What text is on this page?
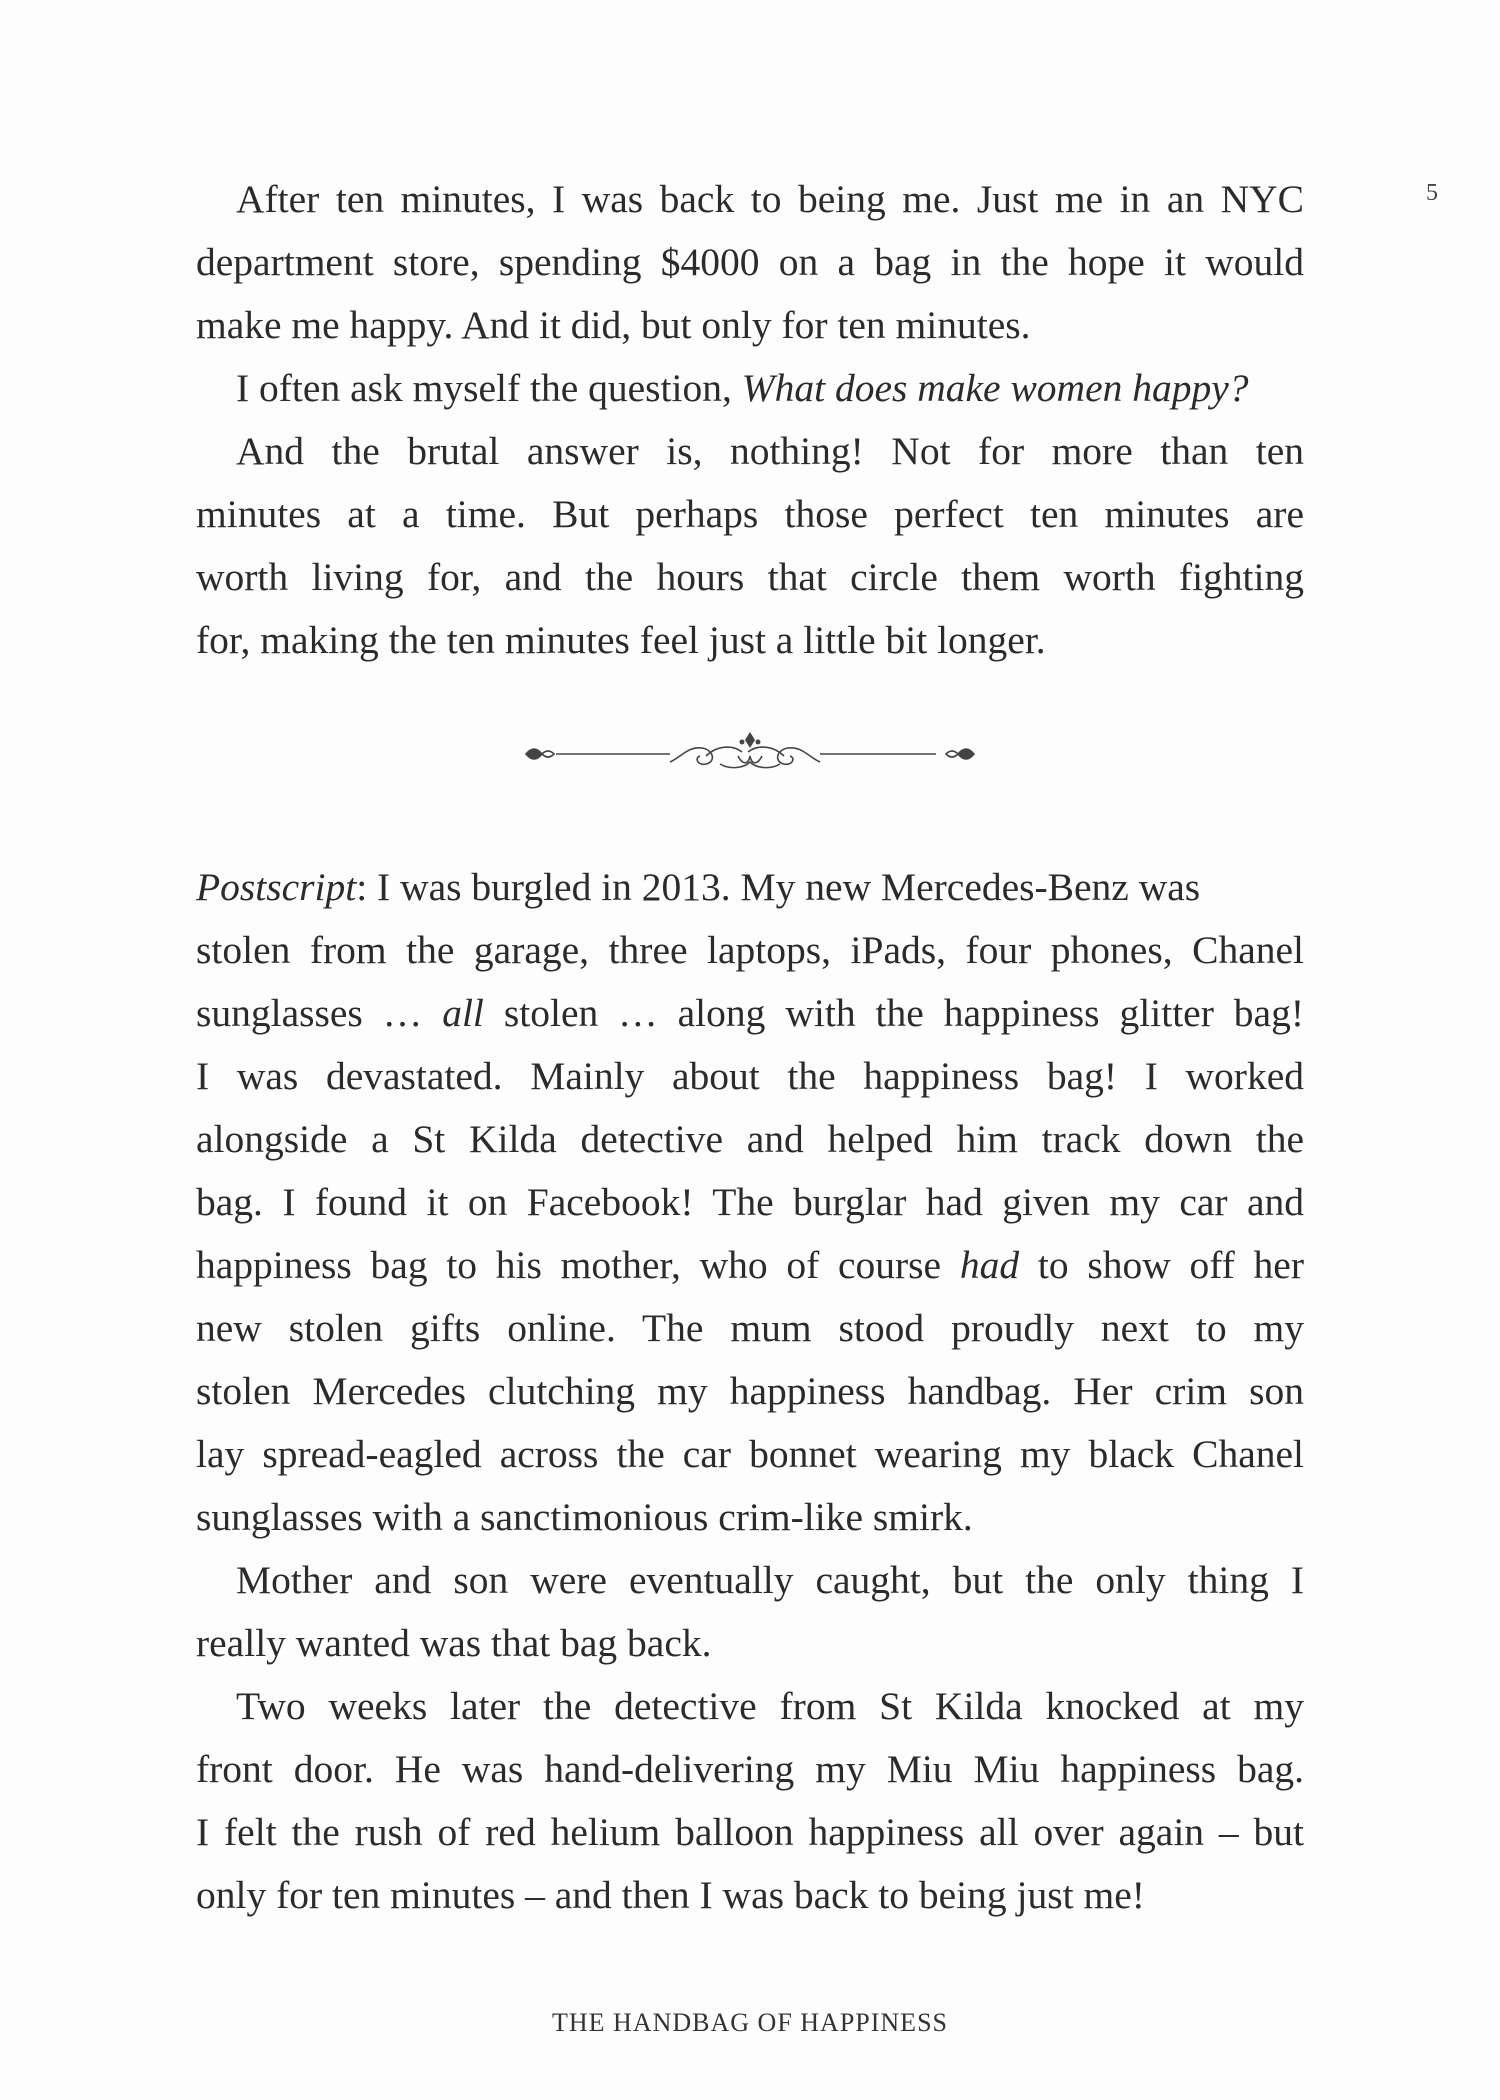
5
After ten minutes, I was back to being me. Just me in an NYC
department store, spending $4000 on a bag in the hope it would
make me happy. And it did, but only for ten minutes.
I often ask myself the question, What does make women happy?
And the brutal answer is, nothing! Not for more than ten
minutes at a time. But perhaps those perfect ten minutes are
worth living for, and the hours that circle them worth fighting
for, making the ten minutes feel just a little bit longer.
Postscript: I was burgled in 2013. My new Mercedes-Benz was
stolen from the garage, three laptops, iPads, four phones, Chanel
sunglasses … all stolen … along with the happiness glitter bag!
I was devastated. Mainly about the happiness bag! I worked
alongside a St Kilda detective and helped him track down the
bag. I found it on Facebook! The burglar had given my car and
happiness bag to his mother, who of course had to show off her
new stolen gifts online. The mum stood proudly next to my
stolen Mercedes clutching my happiness handbag. Her crim son
lay spread-eagled across the car bonnet wearing my black Chanel
sunglasses with a sanctimonious crim-like smirk.
Mother and son were eventually caught, but the only thing I
really wanted was that bag back.
Two weeks later the detective from St Kilda knocked at my
front door. He was hand-delivering my Miu Miu happiness bag.
I felt the rush of red helium balloon happiness all over again – but
only for ten minutes – and then I was back to being just me!
THE HANDBAG OF HAPPINESS
